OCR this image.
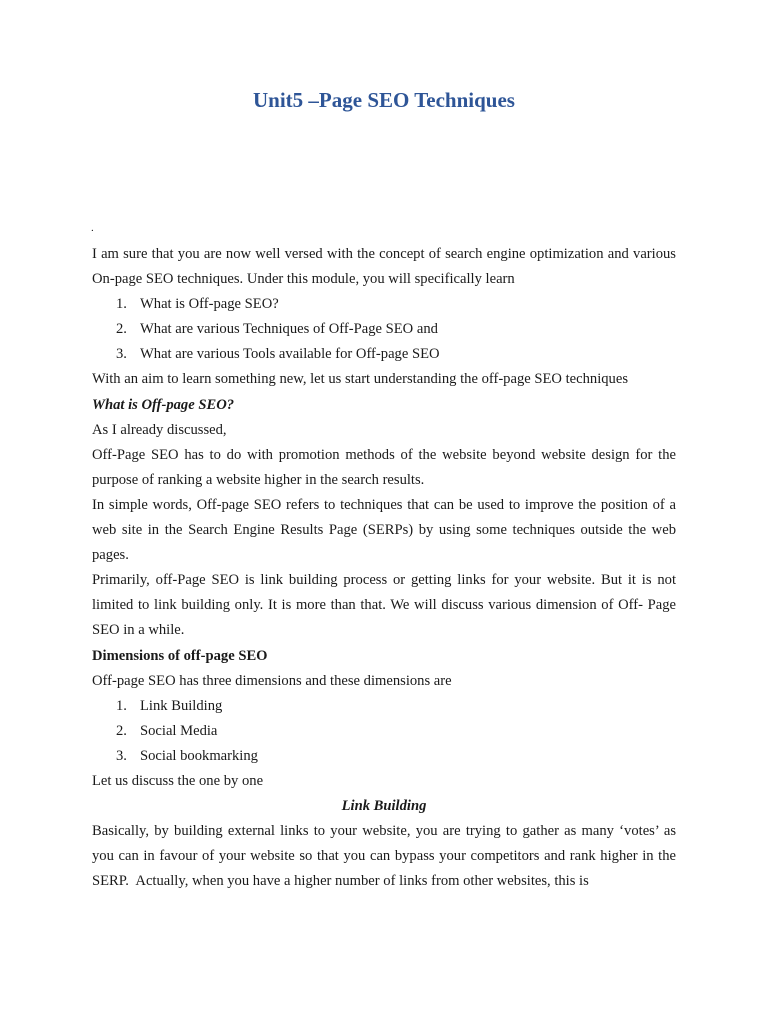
Unit5 –Page SEO Techniques
.

I am sure that you are now well versed with the concept of search engine optimization and various On-page SEO techniques. Under this module, you will specifically learn

1. What is Off-page SEO?
2. What are various Techniques of Off-Page SEO and
3. What are various Tools available for Off-page SEO

With an aim to learn something new, let us start understanding the off-page SEO techniques

What is Off-page SEO?

As I already discussed,

Off-Page SEO has to do with promotion methods of the website beyond website design for the purpose of ranking a website higher in the search results.

In simple words, Off-page SEO refers to techniques that can be used to improve the position of a web site in the Search Engine Results Page (SERPs) by using some techniques outside the web pages.

Primarily, off-Page SEO is link building process or getting links for your website. But it is not limited to link building only. It is more than that. We will discuss various dimension of Off- Page SEO in a while.

Dimensions of off-page SEO

Off-page SEO has three dimensions and these dimensions are

1. Link Building
2. Social Media
3. Social bookmarking

Let us discuss the one by one

Link Building

Basically, by building external links to your website, you are trying to gather as many ‘votes’ as you can in favour of your website so that you can bypass your competitors and rank higher in the SERP.  Actually, when you have a higher number of links from other websites, this is
